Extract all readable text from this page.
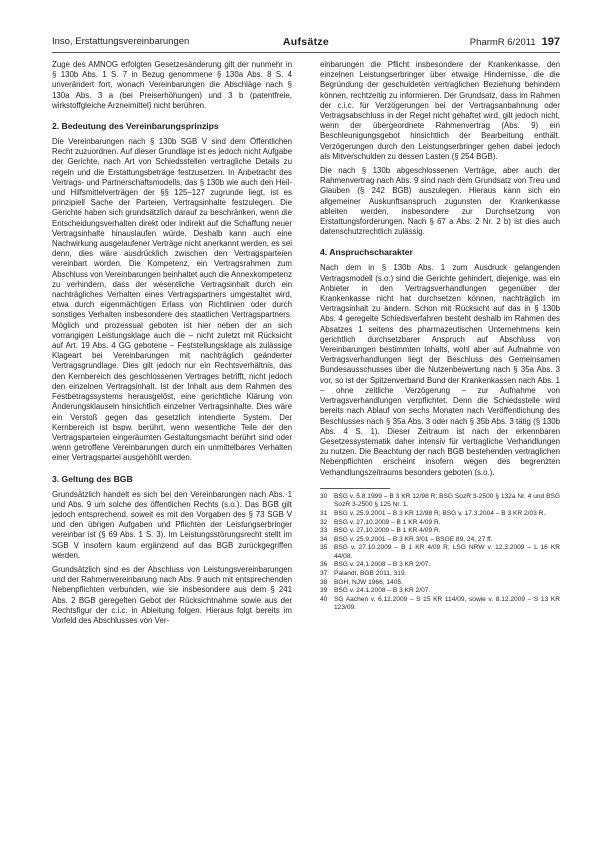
Inso, Erstattungsvereinbarungen	Aufsätze	PharmR 6/2011 197

Zuge des AMNOG erfolgten Gesetzesänderung gilt der nunmehr in § 130b Abs. 1 S. 7 in Bezug genommene § 130a Abs. 8 S. 4 unverändert fort, wonach Vereinbarungen die Abschläge nach § 130a Abs. 3 a (bei Preiserhöhungen) und 3 b (patentfreie, wirkstoffgleiche Arzneimittel) nicht berühren.

2. Bedeutung des Vereinbarungsprinzips

Die Vereinbarungen nach § 130b SGB V sind dem Öffentlichen Recht zuzuordnen. Auf dieser Grundlage ist es jedoch nicht Aufgabe der Gerichte, nach Art von Schiedsstellen vertragliche Details zu regeln und die Erstattungsbeträge festzusetzen. In Anbetracht des Vertrags- und Partnerschaftsmodells, das § 130b wie auch den Heil- und Hilfsmittelverträgen der §§ 125–127 zugrunde liegt, ist es prinzipiell Sache der Parteien, Vertragsinhalte festzulegen. Die Gerichte haben sich grundsätzlich darauf zu beschränken, wenn die Entscheidungsverhalten direkt oder indirekt auf die Schaffung neuer Vertragsinhalte hinauslaufen würde. Deshalb kann auch eine Nachwirkung ausgelaufener Verträge nicht anerkannt werden, es sei denn, dies wäre ausdrücklich zwischen den Vertragsparteien vereinbart worden. Die Kompetenz, ein Vertragsrahmen zum Abschluss von Vereinbarungen beinhaltet auch die Annexkompetenz zu verhindern, dass der wesentliche Vertragsinhalt durch ein nachträgliches Verhalten eines Vertragspartners umgestaltet wird, etwa durch eigenmächtigen Erlass von Richtlinien oder durch sonstiges Verhalten insbesondere des staatlichen Vertragspartners. Möglich und prozessual geboten ist hier neben der an sich vorrangigen Leistungsklage auch die – nicht zuletzt mit Rücksicht auf Art. 19 Abs. 4 GG gebotene – Feststellungsklage als zulässige Klageart bei Vereinbarungen mit nachträglich geänderter Vertragsgrundlage. Dies gilt jedoch nur ein Rechtsverhältnis, das den Kernbereich des geschlossenen Vertrages betrifft, nicht jedoch den einzelnen Vertragsinhalt. Ist der Inhalt aus dem Rahmen des Festbetragssystems herausgelöst, eine gerichtliche Klärung von Änderungsklauseln hinsichtlich einzelner Vertragsinhalte. Dies wäre ein Verstoß gegen das gesetzlich intendierte System. Der Kernbereich ist bspw. berührt, wenn wesentliche Teile der den Vertragsparteien eingeräumten Gestaltungsmacht berührt sind oder wenn getroffene Vereinbarungen durch ein unmittelbares Verhalten einer Vertragspartei ausgehöhlt werden.

3. Geltung des BGB

Grundsätzlich handelt es sich bei den Vereinbarungen nach Abs. 1 und Abs. 9 um solche des öffentlichen Rechts (s.o.). Das BGB gilt jedoch entsprechend, soweit es mit den Vorgaben des § 73 SGB V und den übrigen Aufgaben und Pflichten der Leistungserbringer vereinbar ist (§ 69 Abs. 1 S. 3). Im Leistungsstörungsrecht stellt im SGB V insofern kaum ergänzend auf das BGB zurückgegriffen werden.

Grundsätzlich sind es der Abschluss von Leistungsvereinbarungen und der Rahmenvereinbarung nach Abs. 9 auch mit entsprechenden Nebenpflichten verbunden, wie sie insbesondere aus dem § 241 Abs. 2 BGB geregelten Gebot der Rücksichtnahme sowie aus der Rechtsfigur der c.i.c. in Ableitung folgen. Hieraus folgt bereits im Vorfeld des Abschlusses von Ver-

einbarungen die Pflicht insbesondere der Krankenkasse, den einzelnen Leistungserbringer über etwaige Hindernisse, die die Begründung der geschuldeten vertraglichen Beziehung behindern können, rechtzeitig zu informieren. Der Grundsatz, dass im Rahmen der c.i.c. für Verzögerungen bei der Vertragsanbahnung oder Vertragsabschluss in der Regel nicht gehaftet wird, gilt jedoch nicht, wenn der übergeordnete Rahmenvertrag (Abs. 9) ein Beschleunigungsgebot hinsichtlich der Bearbeitung enthält. Verzögerungen durch den Leistungserbringer gehen dabei jedoch als Mitverschulden zu dessen Lasten (§ 254 BGB).

Die nach § 130b abgeschlossenen Verträge, aber auch der Rahmenvertrag nach Abs. 9 sind nach dem Grundsatz von Treu und Glauben (§ 242 BGB) auszulegen. Hieraus kann sich ein allgemeiner Auskunftsanspruch zugunsten der Krankenkasse ableiten werden, insbesondere zur Durchsetzung von Erstattungsforderungen. Nach § 67 a Abs. 2 Nr. 2 b) ist dies auch datenschutzrechtlich zulässig.

4. Anspruchscharakter

Nach dem in § 130b Abs. 1 zum Ausdruck gelangenden Vertragsmodell (s.o.) sind die Gerichte gehindert, diejenige, was ein Anbieter in den Vertragsverhandlungen gegenüber der Krankenkasse nicht hat durchsetzen können, nachträglich im Vertragsinhalt zu ändern. Schon mit Rücksicht auf das in § 130b Abs. 4 geregelte Schiedsverfahren besteht deshalb im Rahmen des Absatzes 1 seitens des pharmazeutischen Unternehmens kein gerichtlich durchsetzbarer Anspruch auf Abschluss von Vereinbarungen bestimmten Inhalts, wohl aber auf Aufnahme von Vertragsverhandlungen liegt der Beschluss des Gemeinsamen Bundesausschusses über die Nutzenbewertung nach § 35a Abs. 3 vor, so ist der Spitzenverband Bund der Krankenkassen nach Abs. 1 – ohne zeitliche Verzögerung – zur Aufnahme von Vertragsverhandlungen verpflichtet. Denn die Schiedsstelle wird bereits nach Ablauf von sechs Monaten nach Veröffentlichung des Beschlusses nach § 35a Abs. 3 oder nach § 35b Abs. 3 tätig (§ 130b Abs. 4 S. 1). Dieser Zeitraum ist nach der erkennbaren Gesetzessystematik daher intensiv für vertragliche Verhandlungen zu nutzen. Die Beachtung der nach BGB bestehenden vertraglichen Nebenpflichten erscheint insofern wegen des begrenzten Verhandlungszeitraums besonders geboten (s.o.).

30	BSG v. 5.8.1999 – B 3 KR 12/98 R; BSG SozR 3-2500 § 132a Nr. 4 und BSG SozR 3-2500 § 125 Nr. 1.
31	BSG v. 25.9.2001 – B 3 KR 12/98 R; BSG v. 17.3.2004 – B 3 KR 2/03 R.
32	BSG v. 27.10.2009 – B 1 KR 4/09 R.
33	BSG v. 27.10.2009 – B 1 KR 4/09 R.
34	BSG v. 25.9.2001 – B 3 KR 3/01 – BSGE 89, 24, 27 ff.
35	BSG v. 27.10.2009 – B 1 KR 4/09 R; LSG NRW v. 12.3.2009 – L 16 KR 44/08.
36	BSG v. 24.1.2008 – B 3 KR 2/07.
37	Palandt, BGB 2011, 319.
38	BGH, NJW 1966, 1405.
39	BSG v. 24.1.2008 – B 3 KR 2/07.
40	SG Aachen v. 6.12.2009 – S 15 KR 114/09, sowie v. 8.12.2009 – S 13 KR 123/09.
